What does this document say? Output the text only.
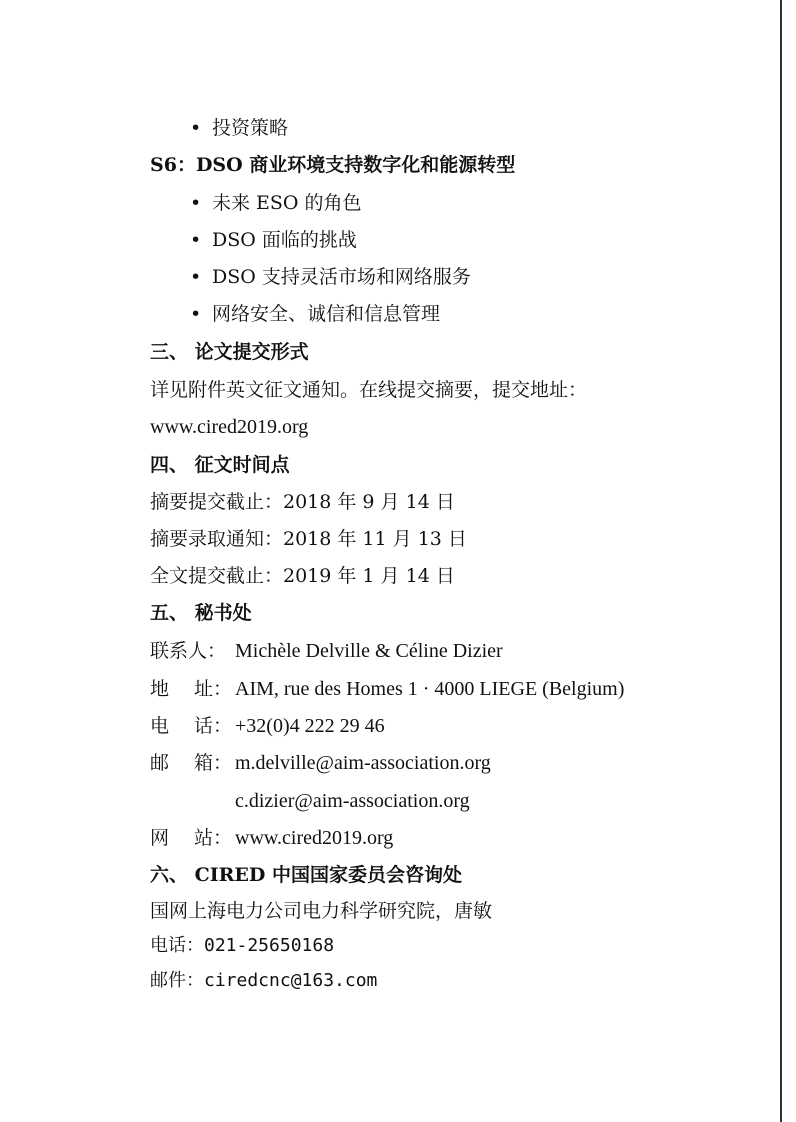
• 投资策略
S6：DSO 商业环境支持数字化和能源转型
• 未来 ESO 的角色
• DSO 面临的挑战
• DSO 支持灵活市场和网络服务
• 网络安全、诚信和信息管理
三、 论文提交形式
详见附件英文征文通知。在线提交摘要，提交地址：
www.cired2019.org
四、 征文时间点
摘要提交截止：2018 年 9 月 14 日
摘要录取通知：2018 年 11 月 13 日
全文提交截止：2019 年 1 月 14 日
五、 秘书处
联系人： Michèle Delville & Céline Dizier
地　 址： AIM, rue des Homes 1 · 4000 LIEGE (Belgium)
电　 话： +32(0)4 222 29 46
邮　 箱： m.delville@aim-association.org
c.dizier@aim-association.org
网　 站： www.cired2019.org
六、 CIRED 中国国家委员会咨询处
国网上海电力公司电力科学研究院，唐敏
电话：021-25650168
邮件：ciredcnc@163.com
